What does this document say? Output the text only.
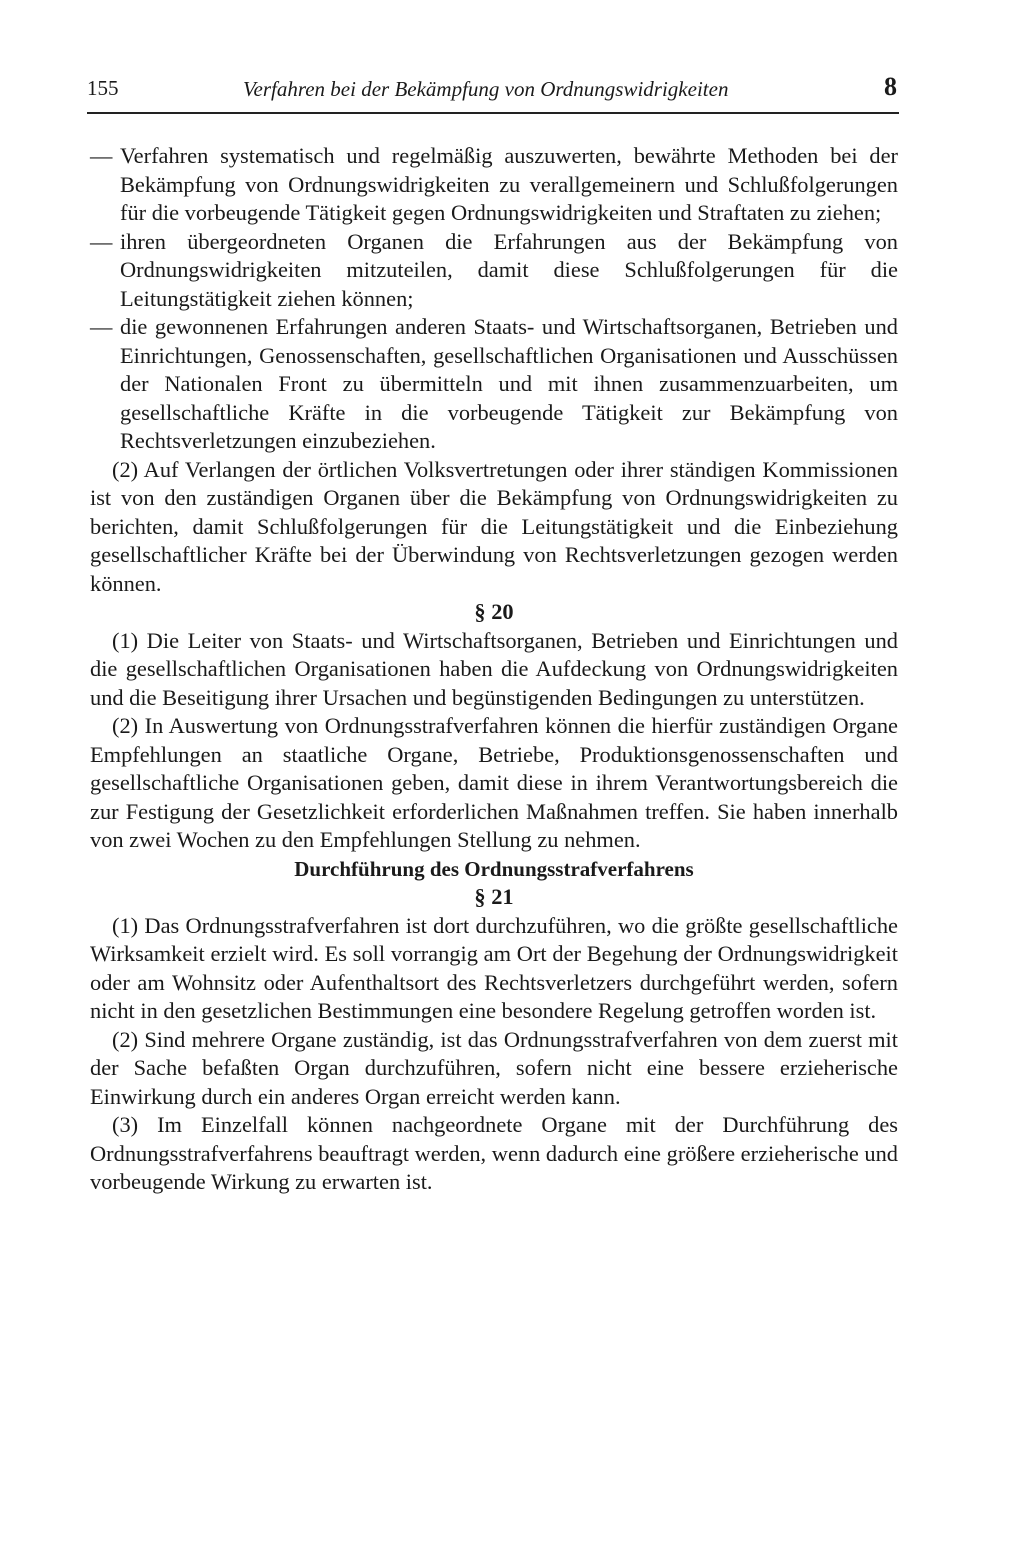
155	Verfahren bei der Bekämpfung von Ordnungswidrigkeiten	8

— Verfahren systematisch und regelmäßig auszuwerten, bewährte Methoden bei der Bekämpfung von Ordnungswidrigkeiten zu verallgemeinern und Schlußfolgerungen für die vorbeugende Tätigkeit gegen Ordnungswidrigkeiten und Straftaten zu ziehen;

— ihren übergeordneten Organen die Erfahrungen aus der Bekämpfung von Ordnungswidrigkeiten mitzuteilen, damit diese Schlußfolgerungen für die Leitungstätigkeit ziehen können;

— die gewonnenen Erfahrungen anderen Staats- und Wirtschaftsorganen, Betrieben und Einrichtungen, Genossenschaften, gesellschaftlichen Organisationen und Ausschüssen der Nationalen Front zu übermitteln und mit ihnen zusammenzuarbeiten, um gesellschaftliche Kräfte in die vorbeugende Tätigkeit zur Bekämpfung von Rechtsverletzungen einzubeziehen.

(2) Auf Verlangen der örtlichen Volksvertretungen oder ihrer ständigen Kommissionen ist von den zuständigen Organen über die Bekämpfung von Ordnungswidrigkeiten zu berichten, damit Schlußfolgerungen für die Leitungstätigkeit und die Einbeziehung gesellschaftlicher Kräfte bei der Überwindung von Rechtsverletzungen gezogen werden können.

§ 20

(1) Die Leiter von Staats- und Wirtschaftsorganen, Betrieben und Einrichtungen und die gesellschaftlichen Organisationen haben die Aufdeckung von Ordnungswidrigkeiten und die Beseitigung ihrer Ursachen und begünstigenden Bedingungen zu unterstützen.

(2) In Auswertung von Ordnungsstrafverfahren können die hierfür zuständigen Organe Empfehlungen an staatliche Organe, Betriebe, Produktionsgenossenschaften und gesellschaftliche Organisationen geben, damit diese in ihrem Verantwortungsbereich die zur Festigung der Gesetzlichkeit erforderlichen Maßnahmen treffen. Sie haben innerhalb von zwei Wochen zu den Empfehlungen Stellung zu nehmen.

Durchführung des Ordnungsstrafverfahrens

§ 21

(1) Das Ordnungsstrafverfahren ist dort durchzuführen, wo die größte gesellschaftliche Wirksamkeit erzielt wird. Es soll vorrangig am Ort der Begehung der Ordnungswidrigkeit oder am Wohnsitz oder Aufenthaltsort des Rechtsverletzers durchgeführt werden, sofern nicht in den gesetzlichen Bestimmungen eine besondere Regelung getroffen worden ist.

(2) Sind mehrere Organe zuständig, ist das Ordnungsstrafverfahren von dem zuerst mit der Sache befaßten Organ durchzuführen, sofern nicht eine bessere erzieherische Einwirkung durch ein anderes Organ erreicht werden kann.

(3) Im Einzelfall können nachgeordnete Organe mit der Durchführung des Ordnungsstrafverfahrens beauftragt werden, wenn dadurch eine größere erzieherische und vorbeugende Wirkung zu erwarten ist.
